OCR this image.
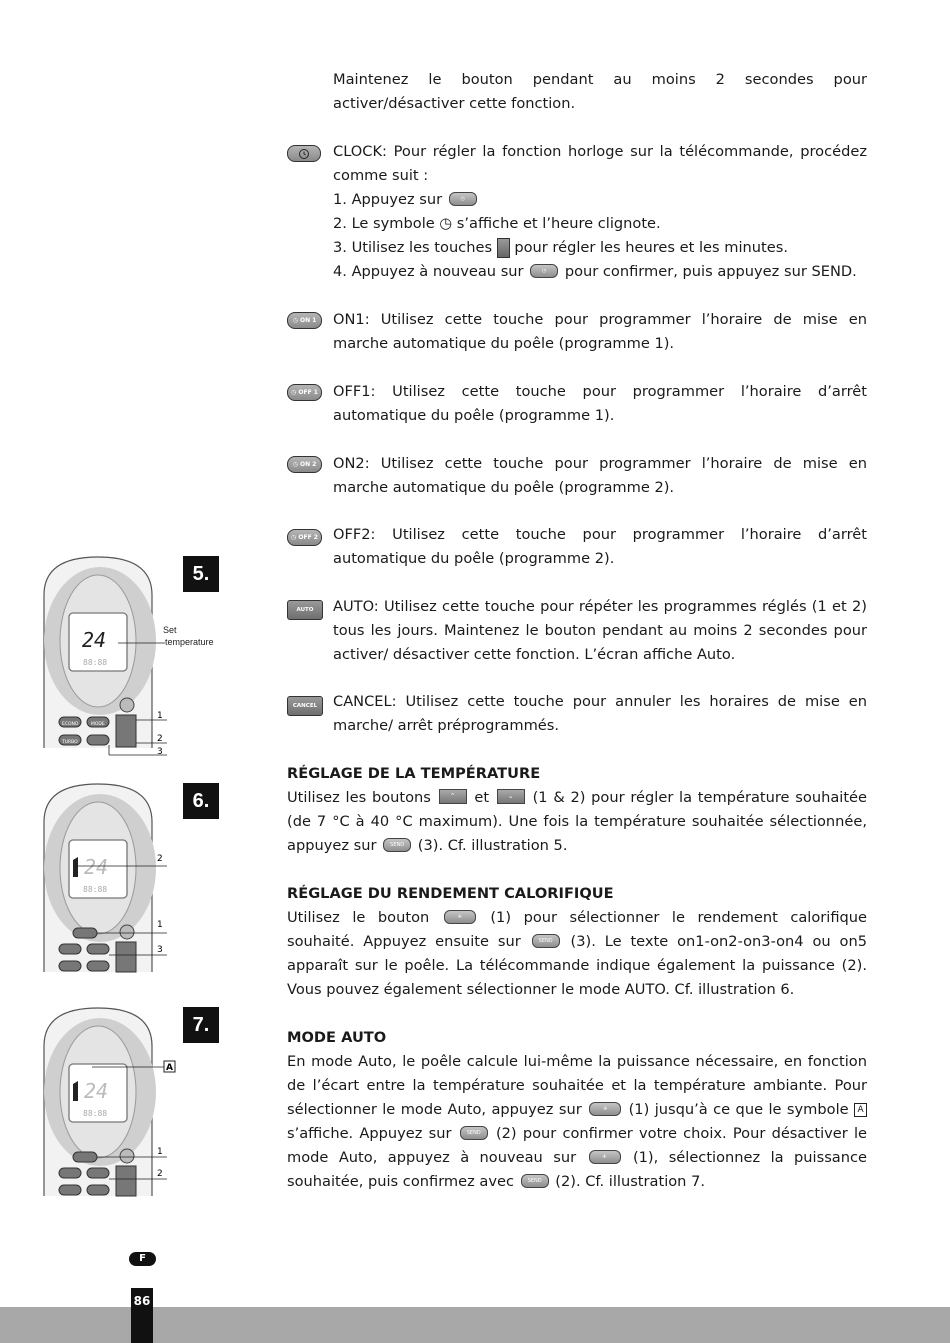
Maintenez le bouton pendant au moins 2 secondes pour activer/désactiver cette fonction.

CLOCK: Pour régler la fonction horloge sur la télécommande, procédez comme suit :

1. Appuyez sur	◷

2. Le symbole ◷ s’affiche et l’heure clignote.

3. Utilisez les touches pour régler les heures et les minutes.

4. Appuyez à nouveau sur	◷ pour confirmer, puis appuyez sur SEND.

◷ ON 1 ON1: Utilisez cette touche pour programmer l’horaire de mise en marche automatique du poêle (programme 1).

◷ OFF 1 OFF1: Utilisez cette touche pour programmer l’horaire d’arrêt automatique du poêle (programme 1).

◷ ON 2 ON2: Utilisez cette touche pour programmer l’horaire de mise en marche automatique du poêle (programme 2).

◷ OFF 2 OFF2: Utilisez cette touche pour programmer l’horaire d’arrêt automatique du poêle (programme 2).

AUTO AUTO: Utilisez cette touche pour répéter les programmes réglés (1 et 2) tous les jours. Maintenez le bouton pendant au moins 2 secondes pour activer/ désactiver cette fonction. L’écran affiche Auto.

CANCEL CANCEL: Utilisez cette touche pour annuler les horaires de mise en marche/ arrêt préprogrammés.

RÉGLAGE DE LA TEMPÉRATURE

Utilisez les boutons	⌃ et	⌄ (1 & 2) pour régler la température souhaitée (de 7 °C à 40 °C maximum). Une fois la température souhaitée sélectionnée, appuyez sur	SEND (3). Cf. illustration 5.

RÉGLAGE DU RENDEMENT CALORIFIQUE

Utilisez le bouton	✢ (1) pour sélectionner le rendement calorifique souhaité. Appuyez ensuite sur	SEND (3). Le texte on1-on2-on3-on4 ou on5 apparaît sur le poêle. La télécommande indique également la puissance (2). Vous pouvez également sélectionner le mode AUTO. Cf. illustration 6.

MODE AUTO

En mode Auto, le poêle calcule lui-même la puissance nécessaire, en fonction de l’écart entre la température souhaitée et la température ambiante. Pour sélectionner le mode Auto, appuyez sur	✢ (1) jusqu’à ce que le symbole A s’affiche. Appuyez sur	SEND (2) pour confirmer votre choix. Pour désactiver le mode Auto, appuyez à nouveau sur	✢ (1), sélectionnez la puissance souhaitée, puis confirmez avec	SEND (2). Cf. illustration 7.

5.
6.
7.
24
88:88
ECONO	MODE
TURBO
1
2
3
Set
temperature
24
88:88
2
1
3
24
88:88
A
1
2
F
86
